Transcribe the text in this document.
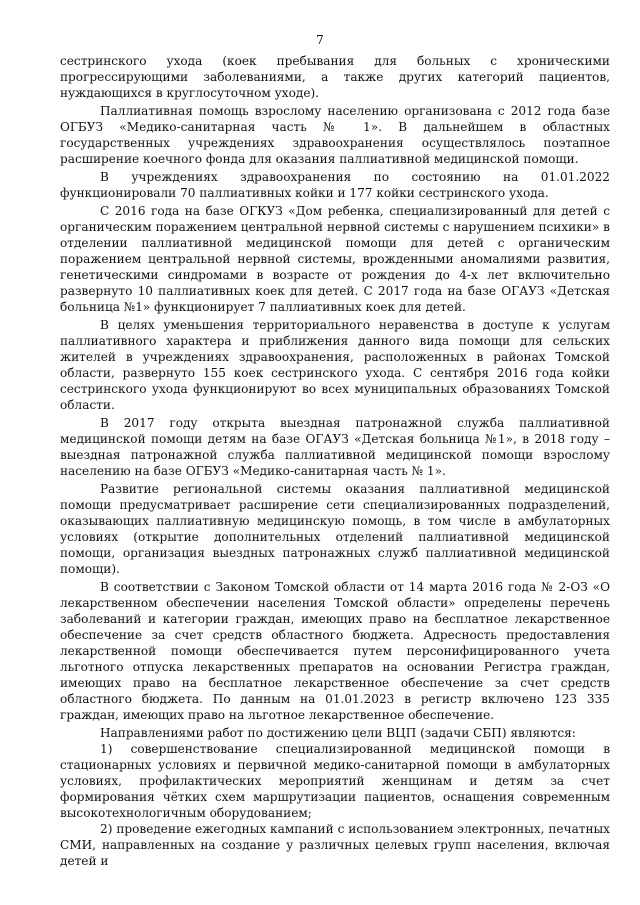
7

сестринского ухода (коек пребывания для больных с хроническими прогрессирующими заболеваниями, а также других категорий пациентов, нуждающихся в круглосуточном уходе).

Паллиативная помощь взрослому населению организована с 2012 года базе ОГБУЗ «Медико-санитарная часть № 1». В дальнейшем в областных государственных учреждениях здравоохранения осуществлялось поэтапное расширение коечного фонда для оказания паллиативной медицинской помощи.

В учреждениях здравоохранения по состоянию на 01.01.2022 функционировали 70 паллиативных койки и 177 койки сестринского ухода.

С 2016 года на базе ОГКУЗ «Дом ребенка, специализированный для детей с органическим поражением центральной нервной системы с нарушением психики» в отделении паллиативной медицинской помощи для детей с органическим поражением центральной нервной системы, врожденными аномалиями развития, генетическими синдромами в возрасте от рождения до 4-х лет включительно развернуто 10 паллиативных коек для детей. С 2017 года на базе ОГАУЗ «Детская больница №1» функционирует 7 паллиативных коек для детей.

В целях уменьшения территориального неравенства в доступе к услугам паллиативного характера и приближения данного вида помощи для сельских жителей в учреждениях здравоохранения, расположенных в районах Томской области, развернуто 155 коек сестринского ухода. С сентября 2016 года койки сестринского ухода функционируют во всех муниципальных образованиях Томской области.

В 2017 году открыта выездная патронажной служба паллиативной медицинской помощи детям на базе ОГАУЗ «Детская больница №1», в 2018 году – выездная патронажной служба паллиативной медицинской помощи взрослому населению на базе ОГБУЗ «Медико-санитарная часть № 1».

Развитие региональной системы оказания паллиативной медицинской помощи предусматривает расширение сети специализированных подразделений, оказывающих паллиативную медицинскую помощь, в том числе в амбулаторных условиях (открытие дополнительных отделений паллиативной медицинской помощи, организация выездных патронажных служб паллиативной медицинской помощи).

В соответствии с Законом Томской области от 14 марта 2016 года № 2-ОЗ «О лекарственном обеспечении населения Томской области» определены перечень заболеваний и категории граждан, имеющих право на бесплатное лекарственное обеспечение за счет средств областного бюджета. Адресность предоставления лекарственной помощи обеспечивается путем персонифицированного учета льготного отпуска лекарственных препаратов на основании Регистра граждан, имеющих право на бесплатное лекарственное обеспечение за счет средств областного бюджета. По данным на 01.01.2023 в регистр включено 123 335 граждан, имеющих право на льготное лекарственное обеспечение.

Направлениями работ по достижению цели ВЦП (задачи СБП) являются:

1) совершенствование специализированной медицинской помощи в стационарных условиях и первичной медико-санитарной помощи в амбулаторных условиях, профилактических мероприятий женщинам и детям за счет формирования чётких схем маршрутизации пациентов, оснащения современным высокотехнологичным оборудованием;

2) проведение ежегодных кампаний с использованием электронных, печатных СМИ, направленных на создание у различных целевых групп населения, включая детей и
